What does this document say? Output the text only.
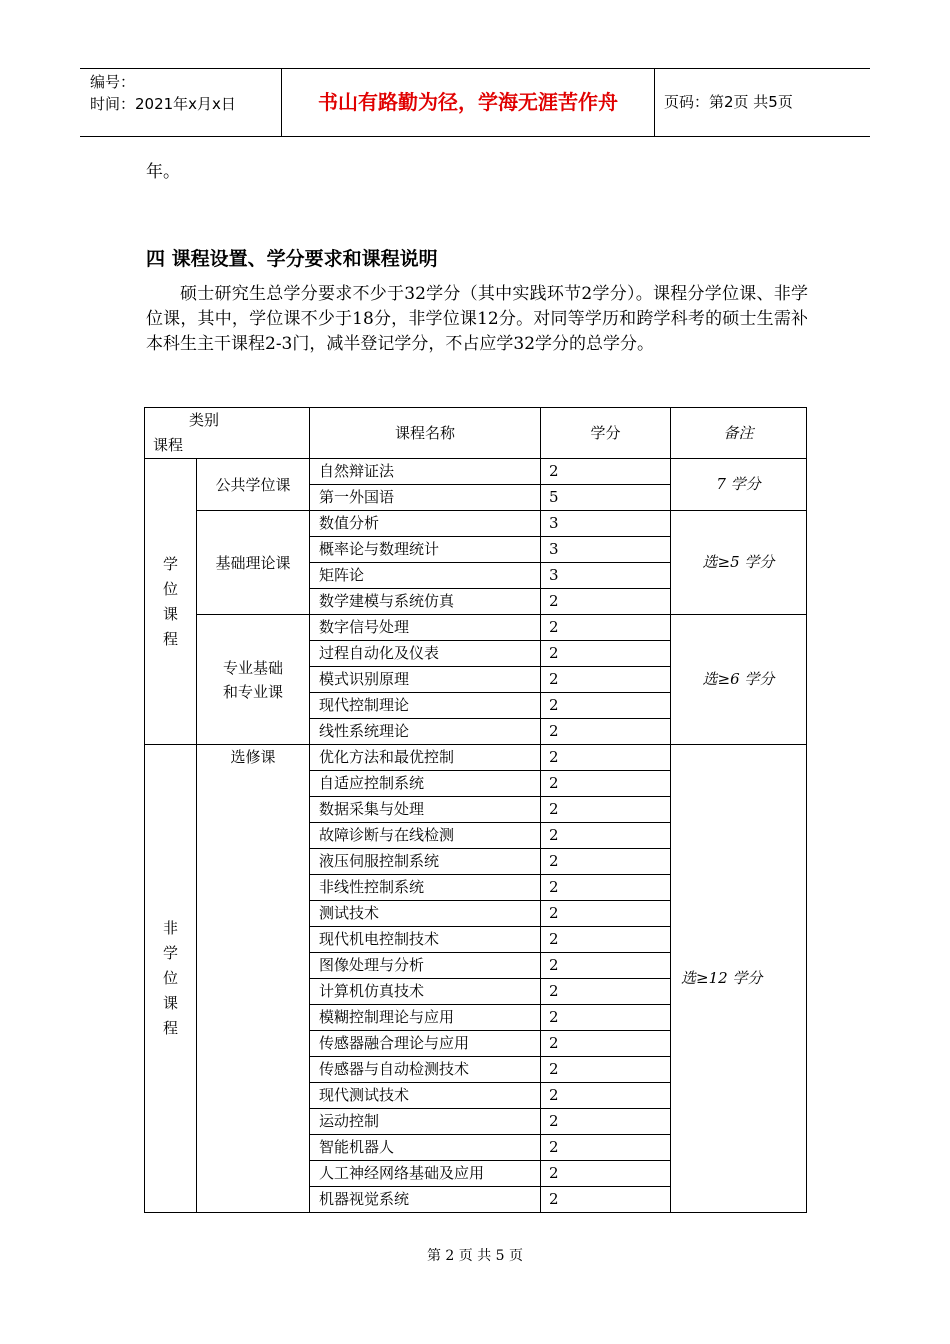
编号：
时间：2021年x月x日	书山有路勤为径，学海无涯苦作舟	页码：第2页 共5页
年。
四 课程设置、学分要求和课程说明

硕士研究生总学分要求不少于32学分（其中实践环节2学分）。课程分学位课、非学位课，其中，学位课不少于18分，非学位课12分。对同等学历和跨学科考的硕士生需补本科生主干课程2-3门，减半登记学分，不占应学32学分的总学分。

类别
课程		课程名称	学分	备注

学
位
课
程	公共学位课	自然辩证法	2	7 学分
		第一外国语	5	
	基础理论课	数值分析	3	选≥5 学分
		概率论与数理统计	3	
		矩阵论	3	
		数学建模与系统仿真	2	

	专业基础
和专业课	数字信号处理	2	选≥6 学分
		过程自动化及仪表	2	
		模式识别原理	2	
		现代控制理论	2	
		线性系统理论	2	

非
学
位
课
程	选修课	优化方法和最优控制	2	选≥12 学分
		自适应控制系统	2	
		数据采集与处理	2	
		故障诊断与在线检测	2	
		液压伺服控制系统	2	
		非线性控制系统	2	
		测试技术	2	
		现代机电控制技术	2	
		图像处理与分析	2	
		计算机仿真技术	2	
		模糊控制理论与应用	2	
		传感器融合理论与应用	2	
		传感器与自动检测技术	2	
		现代测试技术	2	
		运动控制	2	
		智能机器人	2	
		人工神经网络基础及应用	2	
		机器视觉系统	2	
第 2 页 共 5 页
